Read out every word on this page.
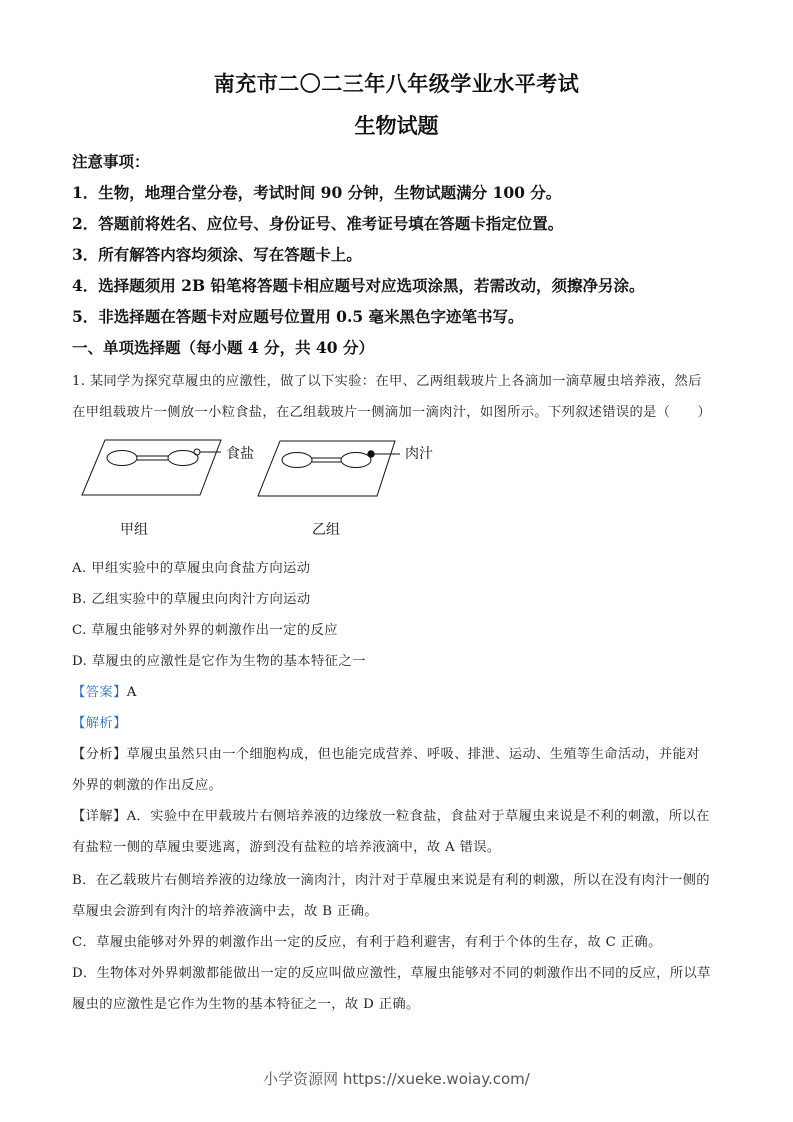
南充市二〇二三年八年级学业水平考试
生物试题
注意事项：
1．生物，地理合堂分卷，考试时间 90 分钟，生物试题满分 100 分。
2．答题前将姓名、应位号、身份证号、准考证号填在答题卡指定位置。
3．所有解答内容均须涂、写在答题卡上。
4．选择题须用 2B 铅笔将答题卡相应题号对应选项涂黑，若需改动，须擦净另涂。
5．非选择题在答题卡对应题号位置用 0.5 毫米黑色字迹笔书写。
一、单项选择题（每小题 4 分，共 40 分）
1. 某同学为探究草履虫的应激性，做了以下实验：在甲、乙两组载玻片上各滴加一滴草履虫培养液，然后
在甲组载玻片一侧放一小粒食盐，在乙组载玻片一侧滴加一滴肉汁，如图所示。下列叙述错误的是（　　）
食盐	肉汁
甲组	乙组
A. 甲组实验中的草履虫向食盐方向运动
B. 乙组实验中的草履虫向肉汁方向运动
C. 草履虫能够对外界的刺激作出一定的反应
D. 草履虫的应激性是它作为生物的基本特征之一
【答案】A
【解析】
【分析】草履虫虽然只由一个细胞构成，但也能完成营养、呼吸、排泄、运动、生殖等生命活动，并能对
外界的刺激的作出反应。
【详解】A．实验中在甲载玻片右侧培养液的边缘放一粒食盐，食盐对于草履虫来说是不利的刺激，所以在
有盐粒一侧的草履虫要逃离，游到没有盐粒的培养液滴中，故 A 错误。
B．在乙载玻片右侧培养液的边缘放一滴肉汁，肉汁对于草履虫来说是有利的刺激，所以在没有肉汁一侧的
草履虫会游到有肉汁的培养液滴中去，故 B 正确。
C．草履虫能够对外界的刺激作出一定的反应，有利于趋利避害，有利于个体的生存，故 C 正确。
D．生物体对外界刺激都能做出一定的反应叫做应激性，草履虫能够对不同的刺激作出不同的反应，所以草
履虫的应激性是它作为生物的基本特征之一，故 D 正确。
小学资源网 https://xueke.woiay.com/
